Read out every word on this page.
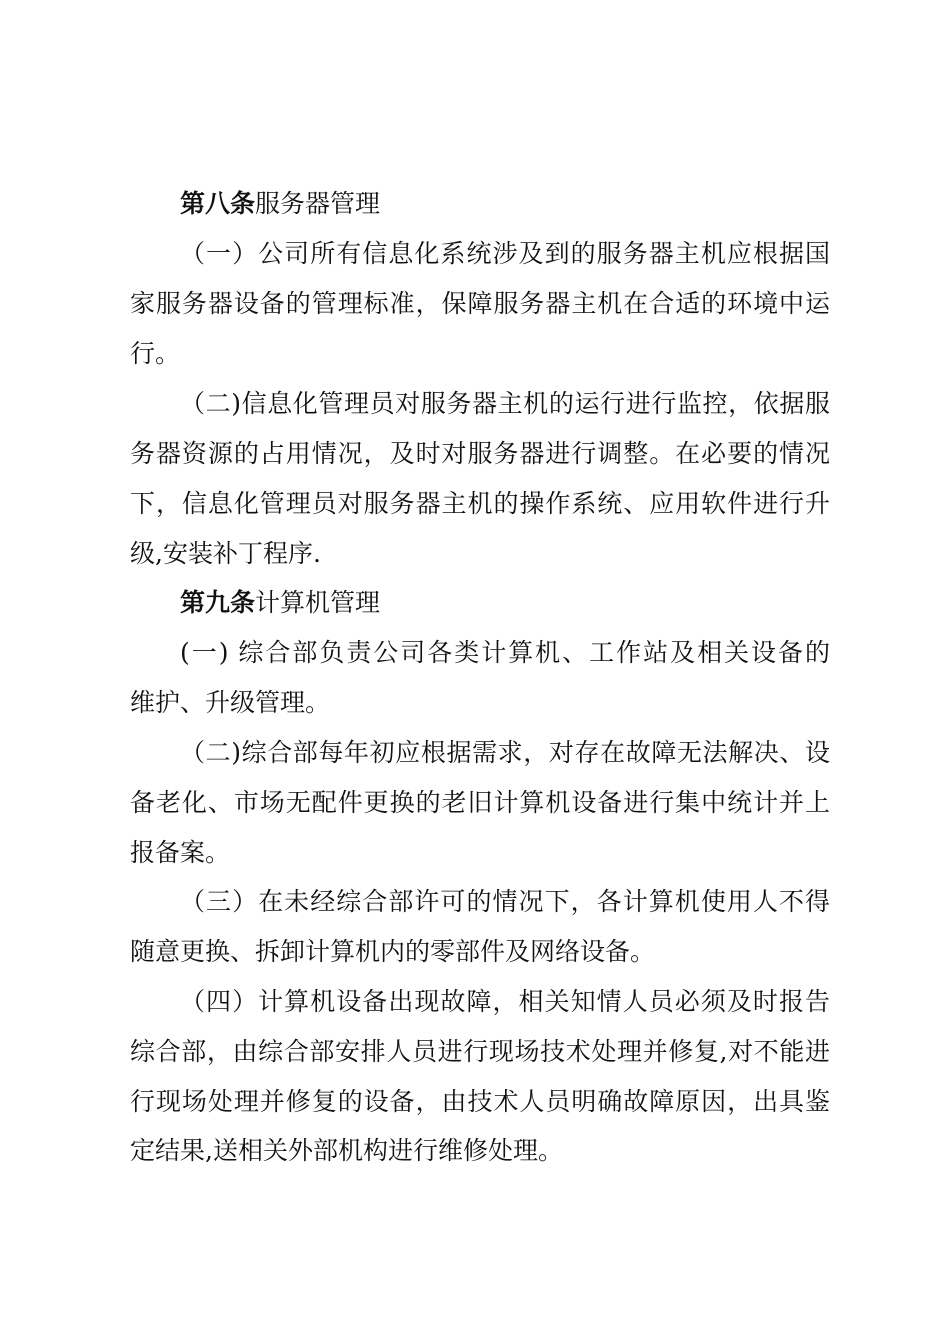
第八条服务器管理
（一）公司所有信息化系统涉及到的服务器主机应根据国
家服务器设备的管理标准，保障服务器主机在合适的环境中运
行。
（二)信息化管理员对服务器主机的运行进行监控，依据服
务器资源的占用情况，及时对服务器进行调整。在必要的情况
下，信息化管理员对服务器主机的操作系统、应用软件进行升
级,安装补丁程序.
第九条计算机管理
(一) 综合部负责公司各类计算机、工作站及相关设备的
维护、升级管理。
（二)综合部每年初应根据需求，对存在故障无法解决、设
备老化、市场无配件更换的老旧计算机设备进行集中统计并上
报备案。
（三）在未经综合部许可的情况下，各计算机使用人不得
随意更换、拆卸计算机内的零部件及网络设备。
（四）计算机设备出现故障，相关知情人员必须及时报告
综合部，由综合部安排人员进行现场技术处理并修复,对不能进
行现场处理并修复的设备，由技术人员明确故障原因，出具鉴
定结果,送相关外部机构进行维修处理。
